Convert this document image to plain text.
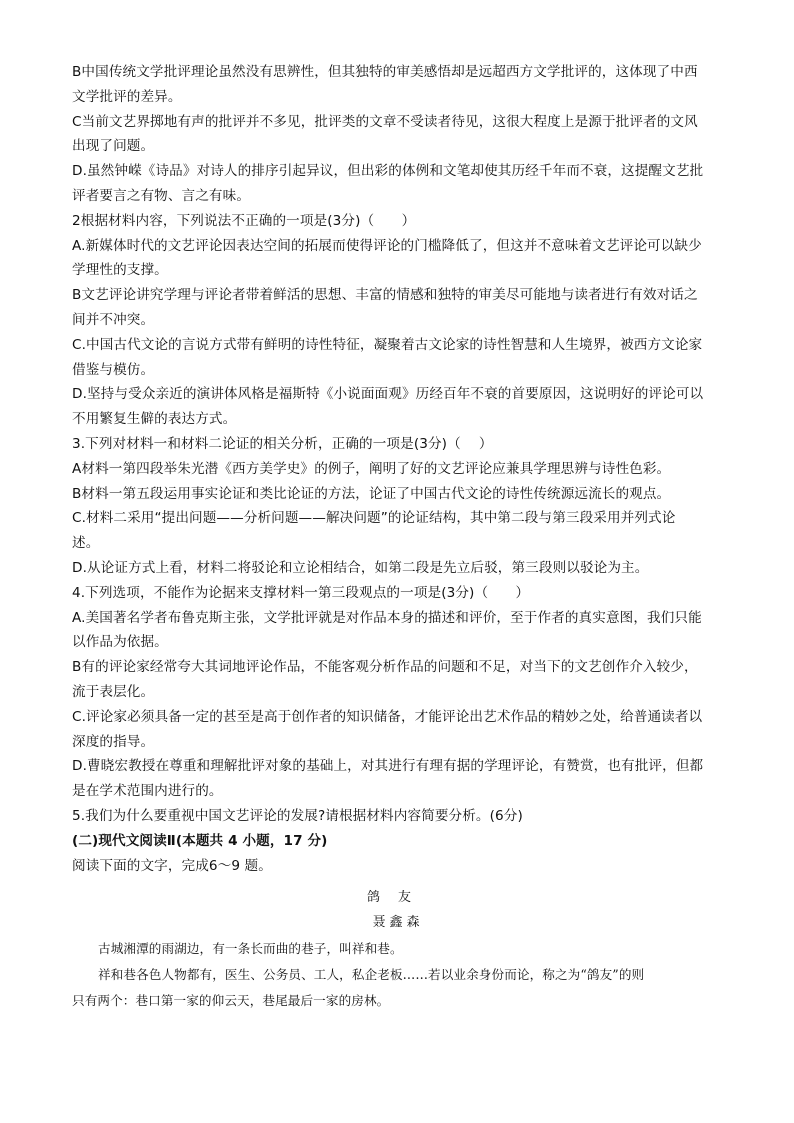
B中国传统文学批评理论虽然没有思辨性，但其独特的审美感悟却是远超西方文学批评的，这体现了中西
文学批评的差异。
C当前文艺界掷地有声的批评并不多见，批评类的文章不受读者待见，这很大程度上是源于批评者的文风
出现了问题。
D.虽然钟嵘《诗品》对诗人的排序引起异议，但出彩的体例和文笔却使其历经千年而不衰，这提醒文艺批
评者要言之有物、言之有味。
2根据材料内容，下列说法不正确的一项是(3分)（　　）
A.新媒体时代的文艺评论因表达空间的拓展而使得评论的门槛降低了，但这并不意味着文艺评论可以缺少
学理性的支撑。
B文艺评论讲究学理与评论者带着鲜活的思想、丰富的情感和独特的审美尽可能地与读者进行有效对话之
间并不冲突。
C.中国古代文论的言说方式带有鲜明的诗性特征，凝聚着古文论家的诗性智慧和人生境界，被西方文论家
借鉴与模仿。
D.坚持与受众亲近的演讲体风格是福斯特《小说面面观》历经百年不衰的首要原因，这说明好的评论可以
不用繁复生僻的表达方式。
3.下列对材料一和材料二论证的相关分析，正确的一项是(3分)（　 ）
A材料一第四段举朱光潜《西方美学史》的例子，阐明了好的文艺评论应兼具学理思辨与诗性色彩。
B材料一第五段运用事实论证和类比论证的方法，论证了中国古代文论的诗性传统源远流长的观点。
C.材料二采用“提出问题——分析问题——解决问题”的论证结构，其中第二段与第三段采用并列式论
述。
D.从论证方式上看，材料二将驳论和立论相结合，如第二段是先立后驳，第三段则以驳论为主。
4.下列选项，不能作为论据来支撑材料一第三段观点的一项是(3分)（　　）
A.美国著名学者布鲁克斯主张，文学批评就是对作品本身的描述和评价，至于作者的真实意图，我们只能
以作品为依据。
B有的评论家经常夸大其词地评论作品，不能客观分析作品的问题和不足，对当下的文艺创作介入较少，
流于表层化。
C.评论家必须具备一定的甚至是高于创作者的知识储备，才能评论出艺术作品的精妙之处，给普通读者以
深度的指导。
D.曹晓宏教授在尊重和理解批评对象的基础上，对其进行有理有据的学理评论，有赞赏，也有批评，但都
是在学术范围内进行的。
5.我们为什么要重视中国文艺评论的发展?请根据材料内容简要分析。(6分)
(二)现代文阅读Ⅱ(本题共 4 小题，17 分)
阅读下面的文字，完成6～9 题。
鸽友
聂鑫森
古城湘潭的雨湖边，有一条长而曲的巷子，叫祥和巷。
祥和巷各色人物都有，医生、公务员、工人，私企老板……若以业余身份而论，称之为“鸽友”的则
只有两个：巷口第一家的仰云天，巷尾最后一家的房林。
